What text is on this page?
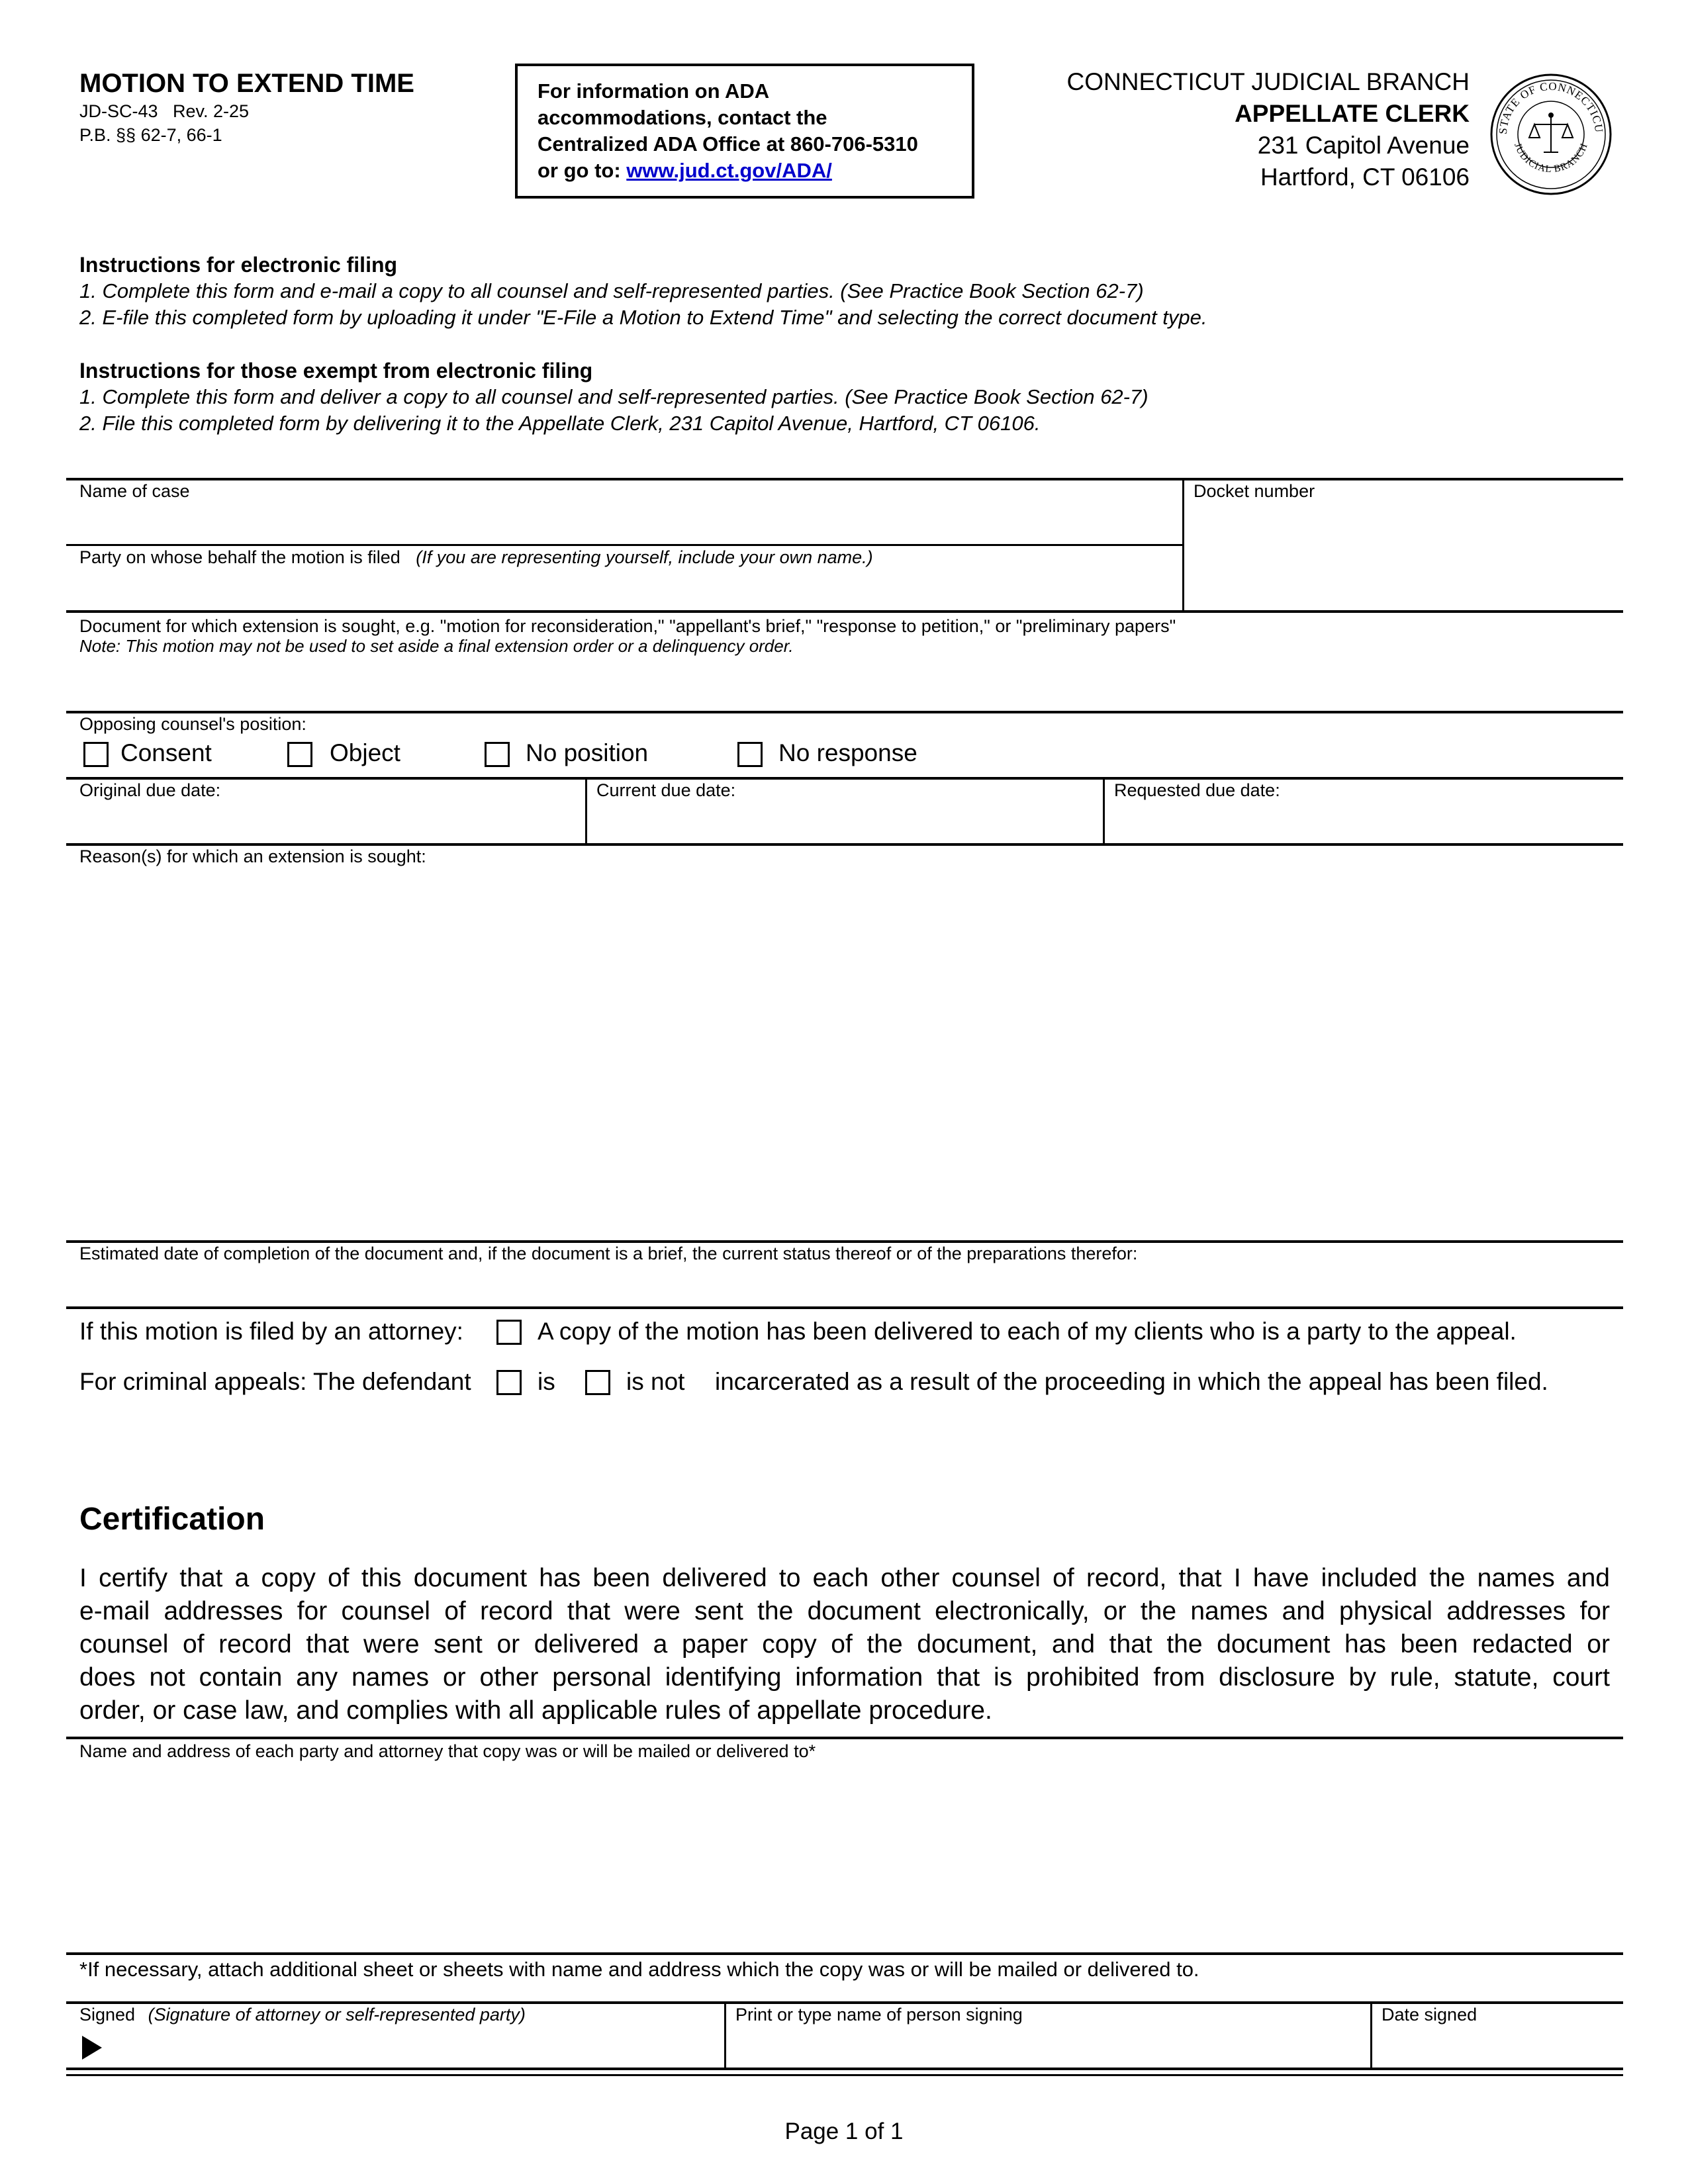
MOTION TO EXTEND TIME
JD-SC-43   Rev. 2-25
P.B. §§ 62-7, 66-1
For information on ADA
accommodations, contact the
Centralized ADA Office at 860-706-5310
or go to: www.jud.ct.gov/ADA/
CONNECTICUT JUDICIAL BRANCH
APPELLATE CLERK
231 Capitol Avenue
Hartford, CT 06106
STATE OF CONNECTICU
JUDICIAL BRANCH
Instructions for electronic filing
1. Complete this form and e-mail a copy to all counsel and self-represented parties. (See Practice Book Section 62-7)
2. E-file this completed form by uploading it under "E-File a Motion to Extend Time" and selecting the correct document type.
Instructions for those exempt from electronic filing
1. Complete this form and deliver a copy to all counsel and self-represented parties. (See Practice Book Section 62-7)
2. File this completed form by delivering it to the Appellate Clerk, 231 Capitol Avenue, Hartford, CT 06106.
Name of case	Docket number
Party on whose behalf the motion is filed (If you are representing yourself, include your own name.)
Document for which extension is sought, e.g. "motion for reconsideration," "appellant's brief," "response to petition," or "preliminary papers"
Note: This motion may not be used to set aside a final extension order or a delinquency order.
Opposing counsel's position:
Consent	Object	No position	No response
Original due date:	Current due date:	Requested due date:
Reason(s) for which an extension is sought:
Estimated date of completion of the document and, if the document is a brief, the current status thereof or of the preparations therefor:
If this motion is filed by an attorney:	A copy of the motion has been delivered to each of my clients who is a party to the appeal.
For criminal appeals: The defendant	is	is not incarcerated as a result of the proceeding in which the appeal has been filed.
Certification
I certify that a copy of this document has been delivered to each other counsel of record, that I have included the names and
e-mail addresses for counsel of record that were sent the document electronically, or the names and physical addresses for
counsel of record that were sent or delivered a paper copy of the document, and that the document has been redacted or
does not contain any names or other personal identifying information that is prohibited from disclosure by rule, statute, court
order, or case law, and complies with all applicable rules of appellate procedure.
Name and address of each party and attorney that copy was or will be mailed or delivered to*
*If necessary, attach additional sheet or sheets with name and address which the copy was or will be mailed or delivered to.
Signed (Signature of attorney or self-represented party)	Print or type name of person signing	Date signed
Page 1 of 1
